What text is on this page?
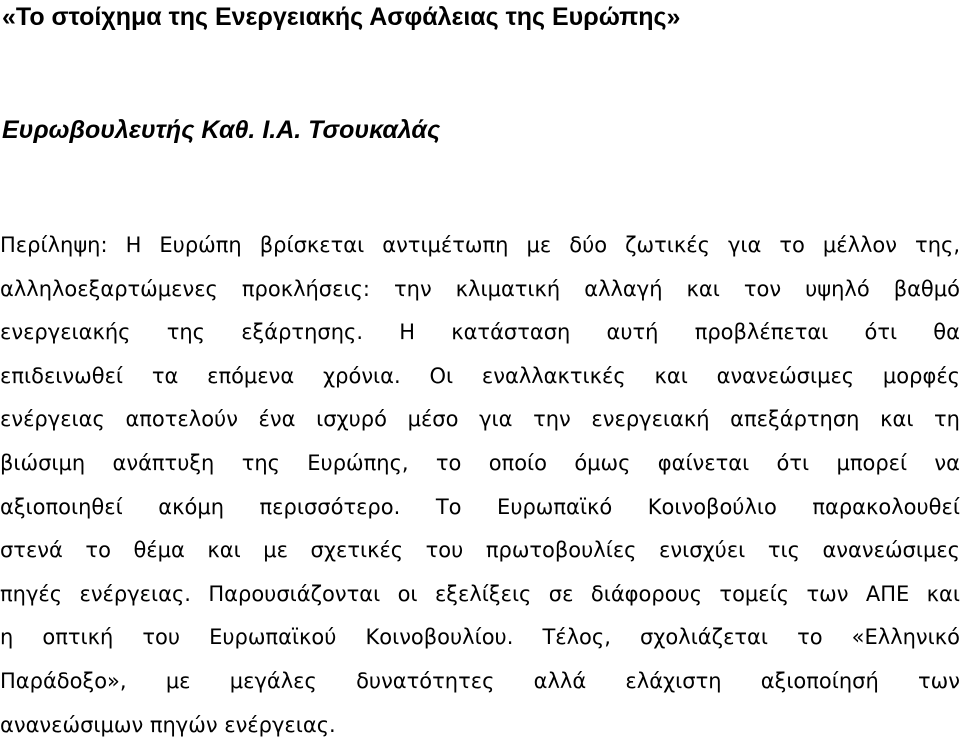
«Το στοίχημα της Ενεργειακής Ασφάλειας της Ευρώπης»
Ευρωβουλευτής Καθ. Ι.Α. Τσουκαλάς
Περίληψη: Η Ευρώπη βρίσκεται αντιμέτωπη με δύο ζωτικές για το μέλλον της,
αλληλοεξαρτώμενες προκλήσεις: την κλιματική αλλαγή και τον υψηλό βαθμό
ενεργειακής της εξάρτησης. Η κατάσταση αυτή προβλέπεται ότι θα
επιδεινωθεί τα επόμενα χρόνια. Οι εναλλακτικές και ανανεώσιμες μορφές
ενέργειας αποτελούν ένα ισχυρό μέσο για την ενεργειακή απεξάρτηση και τη
βιώσιμη ανάπτυξη της Ευρώπης, το οποίο όμως φαίνεται ότι μπορεί να
αξιοποιηθεί ακόμη περισσότερο. Το Ευρωπαϊκό Κοινοβούλιο παρακολουθεί
στενά το θέμα και με σχετικές του πρωτοβουλίες ενισχύει τις ανανεώσιμες
πηγές ενέργειας. Παρουσιάζονται οι εξελίξεις σε διάφορους τομείς των ΑΠΕ και
η οπτική του Ευρωπαϊκού Κοινοβουλίου. Τέλος, σχολιάζεται το «Ελληνικό
Παράδοξο», με μεγάλες δυνατότητες αλλά ελάχιστη αξιοποίησή των
ανανεώσιμων πηγών ενέργειας.
